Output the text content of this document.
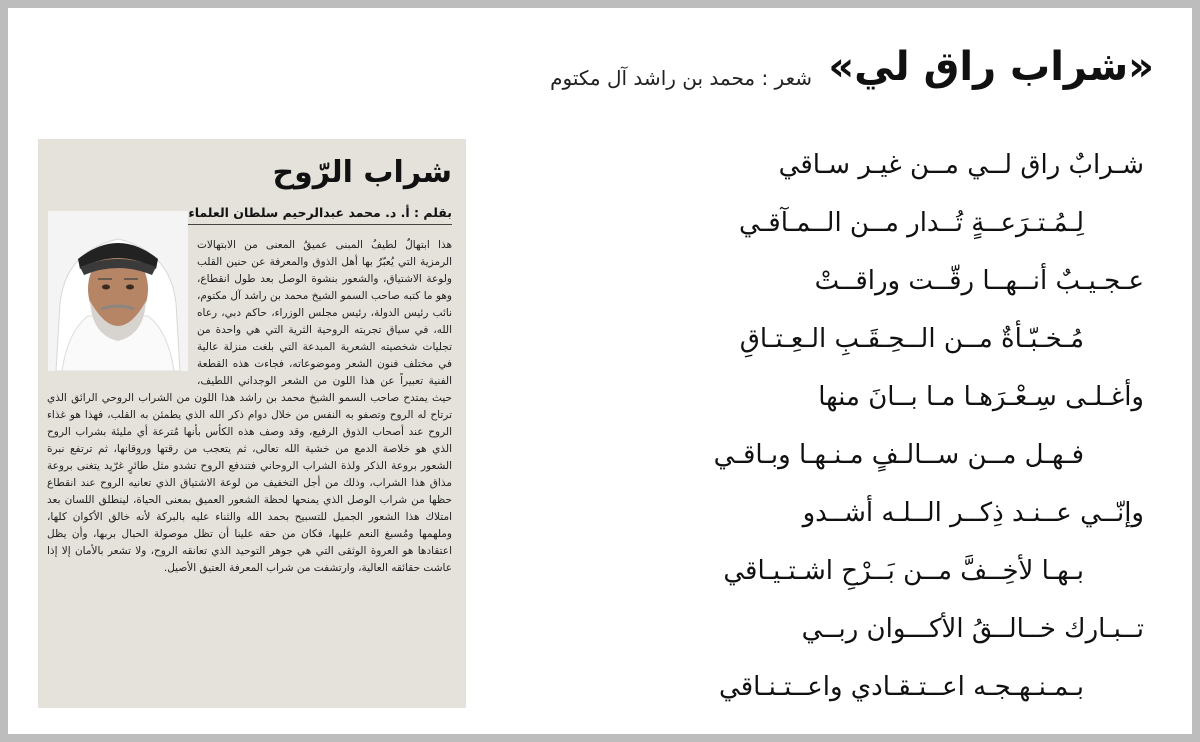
«شراب راق لي»
شعر : محمد بن راشد آل مكتوم
شـرابٌ راق لــي مــن غيـر سـاقي
لِـمُـتـرَعــةٍ تُــدار مــن الــمـآقـي
عـجـيـبٌ أنــهــا رقّــت وراقــتْ
مُـخـبّـأةٌ مــن الــحِـقَـبِ الـعِـتـاقِ
وأغـلـى سِـعْـرَهـا مـا بــانَ منها
فـهـل مــن ســالـفٍ مـنـهـا وبـاقـي
وإنّــي عــنـد ذِكــر الــلـه أشــدو
بـهـا لأخِــفَّ مــن بَــرْحِ اشـتـيـاقي
تــبـارك خــالــقُ الأكـــوان ربــي
بـمـنـهـجـه اعــتـقـادي واعــتـنـاقي
شراب الرّوح
بقلم : أ. د. محمد عبدالرحيم سلطان العلماء
هذا ابتهالٌ لطيفُ المبنى عميقُ المعنى من الابتهالات الرمزية التي يُعبّرُ بها أهل الذوق والمعرفة عن حنين القلب ولوعة الاشتياق، والشعور بنشوة الوصل بعد طول انقطاع، وهو ما كتبه صاحب السمو الشيخ محمد بن راشد آل مكتوم، نائب رئيس الدولة، رئيس مجلس الوزراء، حاكم دبي، رعاه الله، في سياق تجربته الروحية الثرية التي هي واحدة من تجليات شخصيته الشعرية المبدعة التي بلغت منزلة عالية في مختلف فنون الشعر وموضوعاته، فجاءت هذه القطعة الفنية تعبيراً عن هذا اللون من الشعر الوجداني اللطيف، حيث يمتدح صاحب السمو الشيخ محمد بن راشد هذا اللون من الشراب الروحي الرائق الذي ترتاح له الروح وتصفو به النفس من خلال دوام ذكر الله الذي يطمئن به القلب، فهذا هو غذاء الروح عند أصحاب الذوق الرفيع، وقد وصف هذه الكأس بأنها مُترعة أي مليئة بشراب الروح الذي هو خلاصة الدمع من خشية الله تعالى، ثم يتعجب من رقتها وروقانها، ثم ترتفع نبرة الشعور بروعة الذكر ولذة الشراب الروحاني فتندفع الروح تشدو مثل طائرٍ غرّيد يتغنى بروعة مذاق هذا الشراب، وذلك من أجل التخفيف من لوعة الاشتياق الذي تعانيه الروح عند انقطاع حظها من شراب الوصل الذي يمنحها لحظة الشعور العميق بمعنى الحياة، لينطلق اللسان بعد امتلاك هذا الشعور الجميل للتسبيح بحمد الله والثناء عليه بالبركة لأنه خالق الأكوان كلها، وملهمها ومُسبغ النعم عليها، فكان من حقه علينا أن تظل موصولة الحبال بربها، وأن يظل اعتقادها هو العروة الوثقى التي هي جوهر التوحيد الذي تعانقه الروح، ولا تشعر بالأمان إلا إذا عاشت حقائقه العالية، وارتشفت من شراب المعرفة العتيق الأصيل.
